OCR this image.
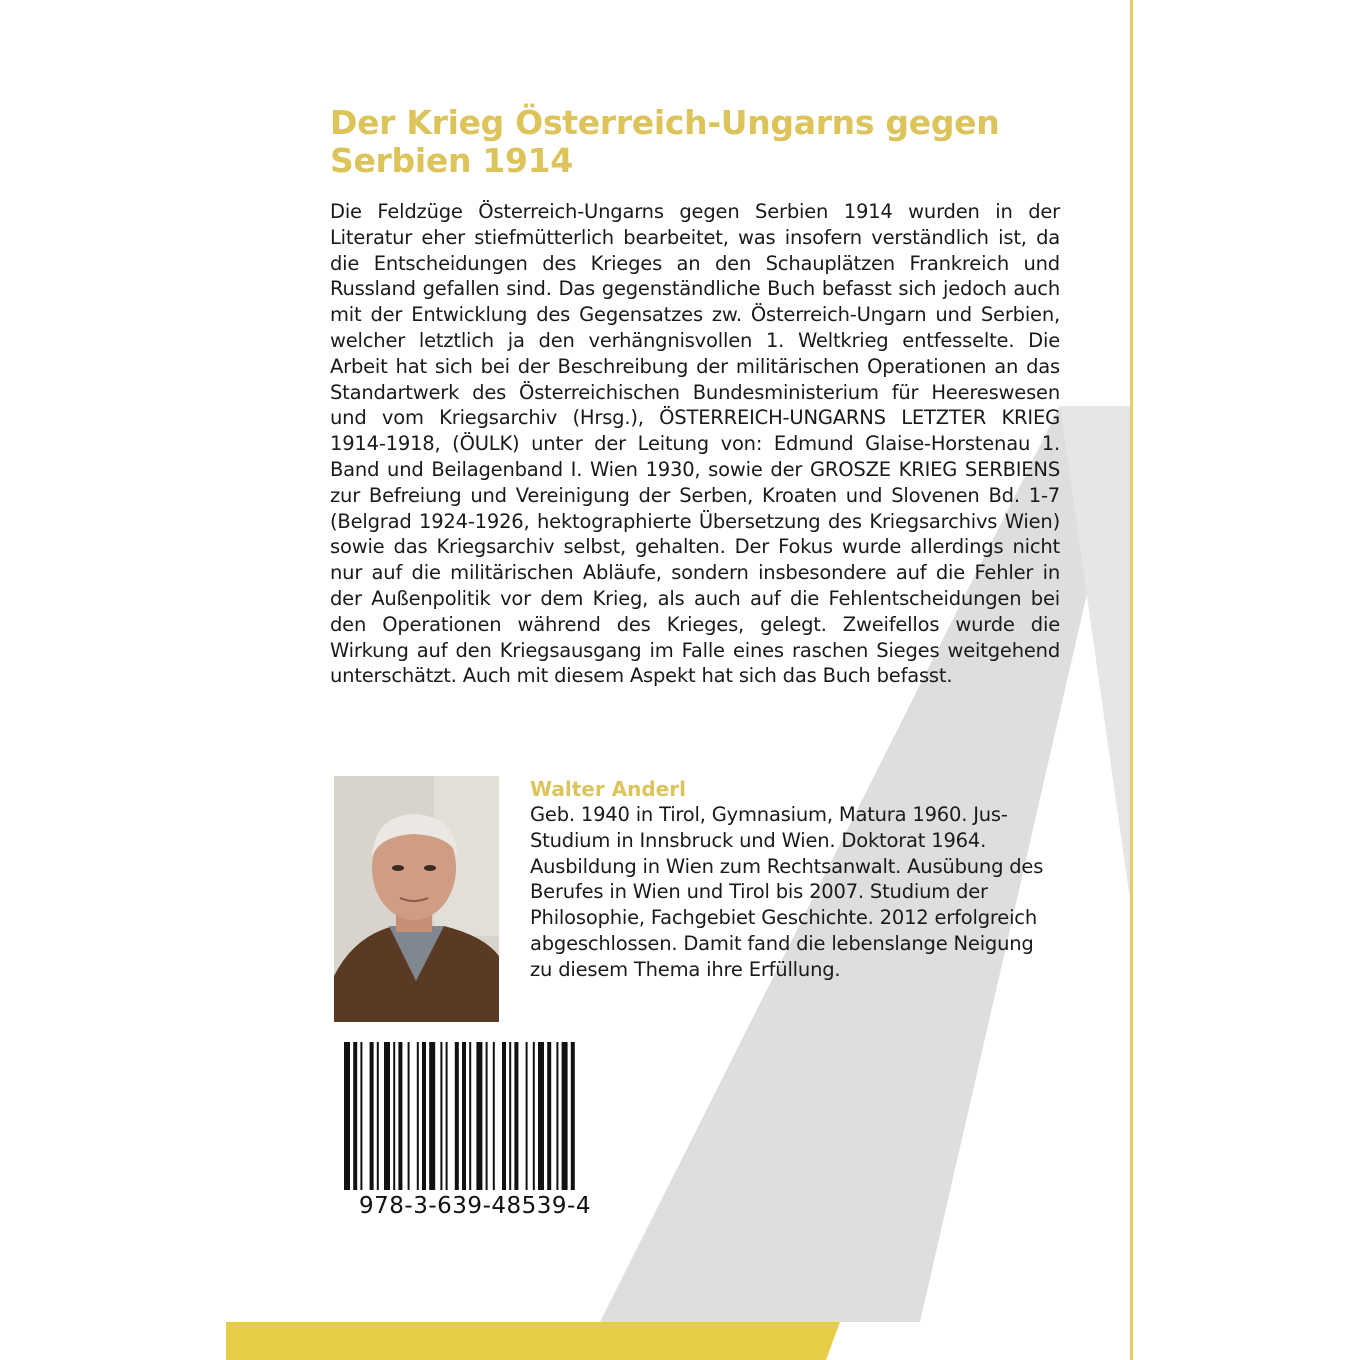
Der Krieg Österreich-Ungarns gegen Serbien 1914

Die Feldzüge Österreich-Ungarns gegen Serbien 1914 wurden in der Literatur eher stiefmütterlich bearbeitet, was insofern verständlich ist, da die Entscheidungen des Krieges an den Schauplätzen Frankreich und Russland gefallen sind. Das gegenständliche Buch befasst sich jedoch auch mit der Entwicklung des Gegensatzes zw. Österreich-Ungarn und Serbien, welcher letztlich ja den verhängnisvollen 1. Weltkrieg entfesselte. Die Arbeit hat sich bei der Beschreibung der militärischen Operationen an das Standartwerk des Österreichischen Bundesministerium für Heereswesen und vom Kriegsarchiv (Hrsg.), ÖSTERREICH-UNGARNS LETZTER KRIEG 1914-1918, (ÖULK) unter der Leitung von: Edmund Glaise-Horstenau 1. Band und Beilagenband I. Wien 1930, sowie der GROSZE KRIEG SERBIENS zur Befreiung und Vereinigung der Serben, Kroaten und Slovenen Bd. 1-7 (Belgrad 1924-1926, hektographierte Übersetzung des Kriegsarchivs Wien) sowie das Kriegsarchiv selbst, gehalten. Der Fokus wurde allerdings nicht nur auf die militärischen Abläufe, sondern insbesondere auf die Fehler in der Außenpolitik vor dem Krieg, als auch auf die Fehlentscheidungen bei den Operationen während des Krieges, gelegt. Zweifellos wurde die Wirkung auf den Kriegsausgang im Falle eines raschen Sieges weitgehend unterschätzt. Auch mit diesem Aspekt hat sich das Buch befasst.

Walter Anderl

Geb. 1940 in Tirol, Gymnasium, Matura 1960. Jus-Studium in Innsbruck und Wien. Doktorat 1964. Ausbildung in Wien zum Rechtsanwalt. Ausübung des Berufes in Wien und Tirol bis 2007. Studium der Philosophie, Fachgebiet Geschichte. 2012 erfolgreich abgeschlossen. Damit fand die lebenslange Neigung zu diesem Thema ihre Erfüllung.

978-3-639-48539-4
